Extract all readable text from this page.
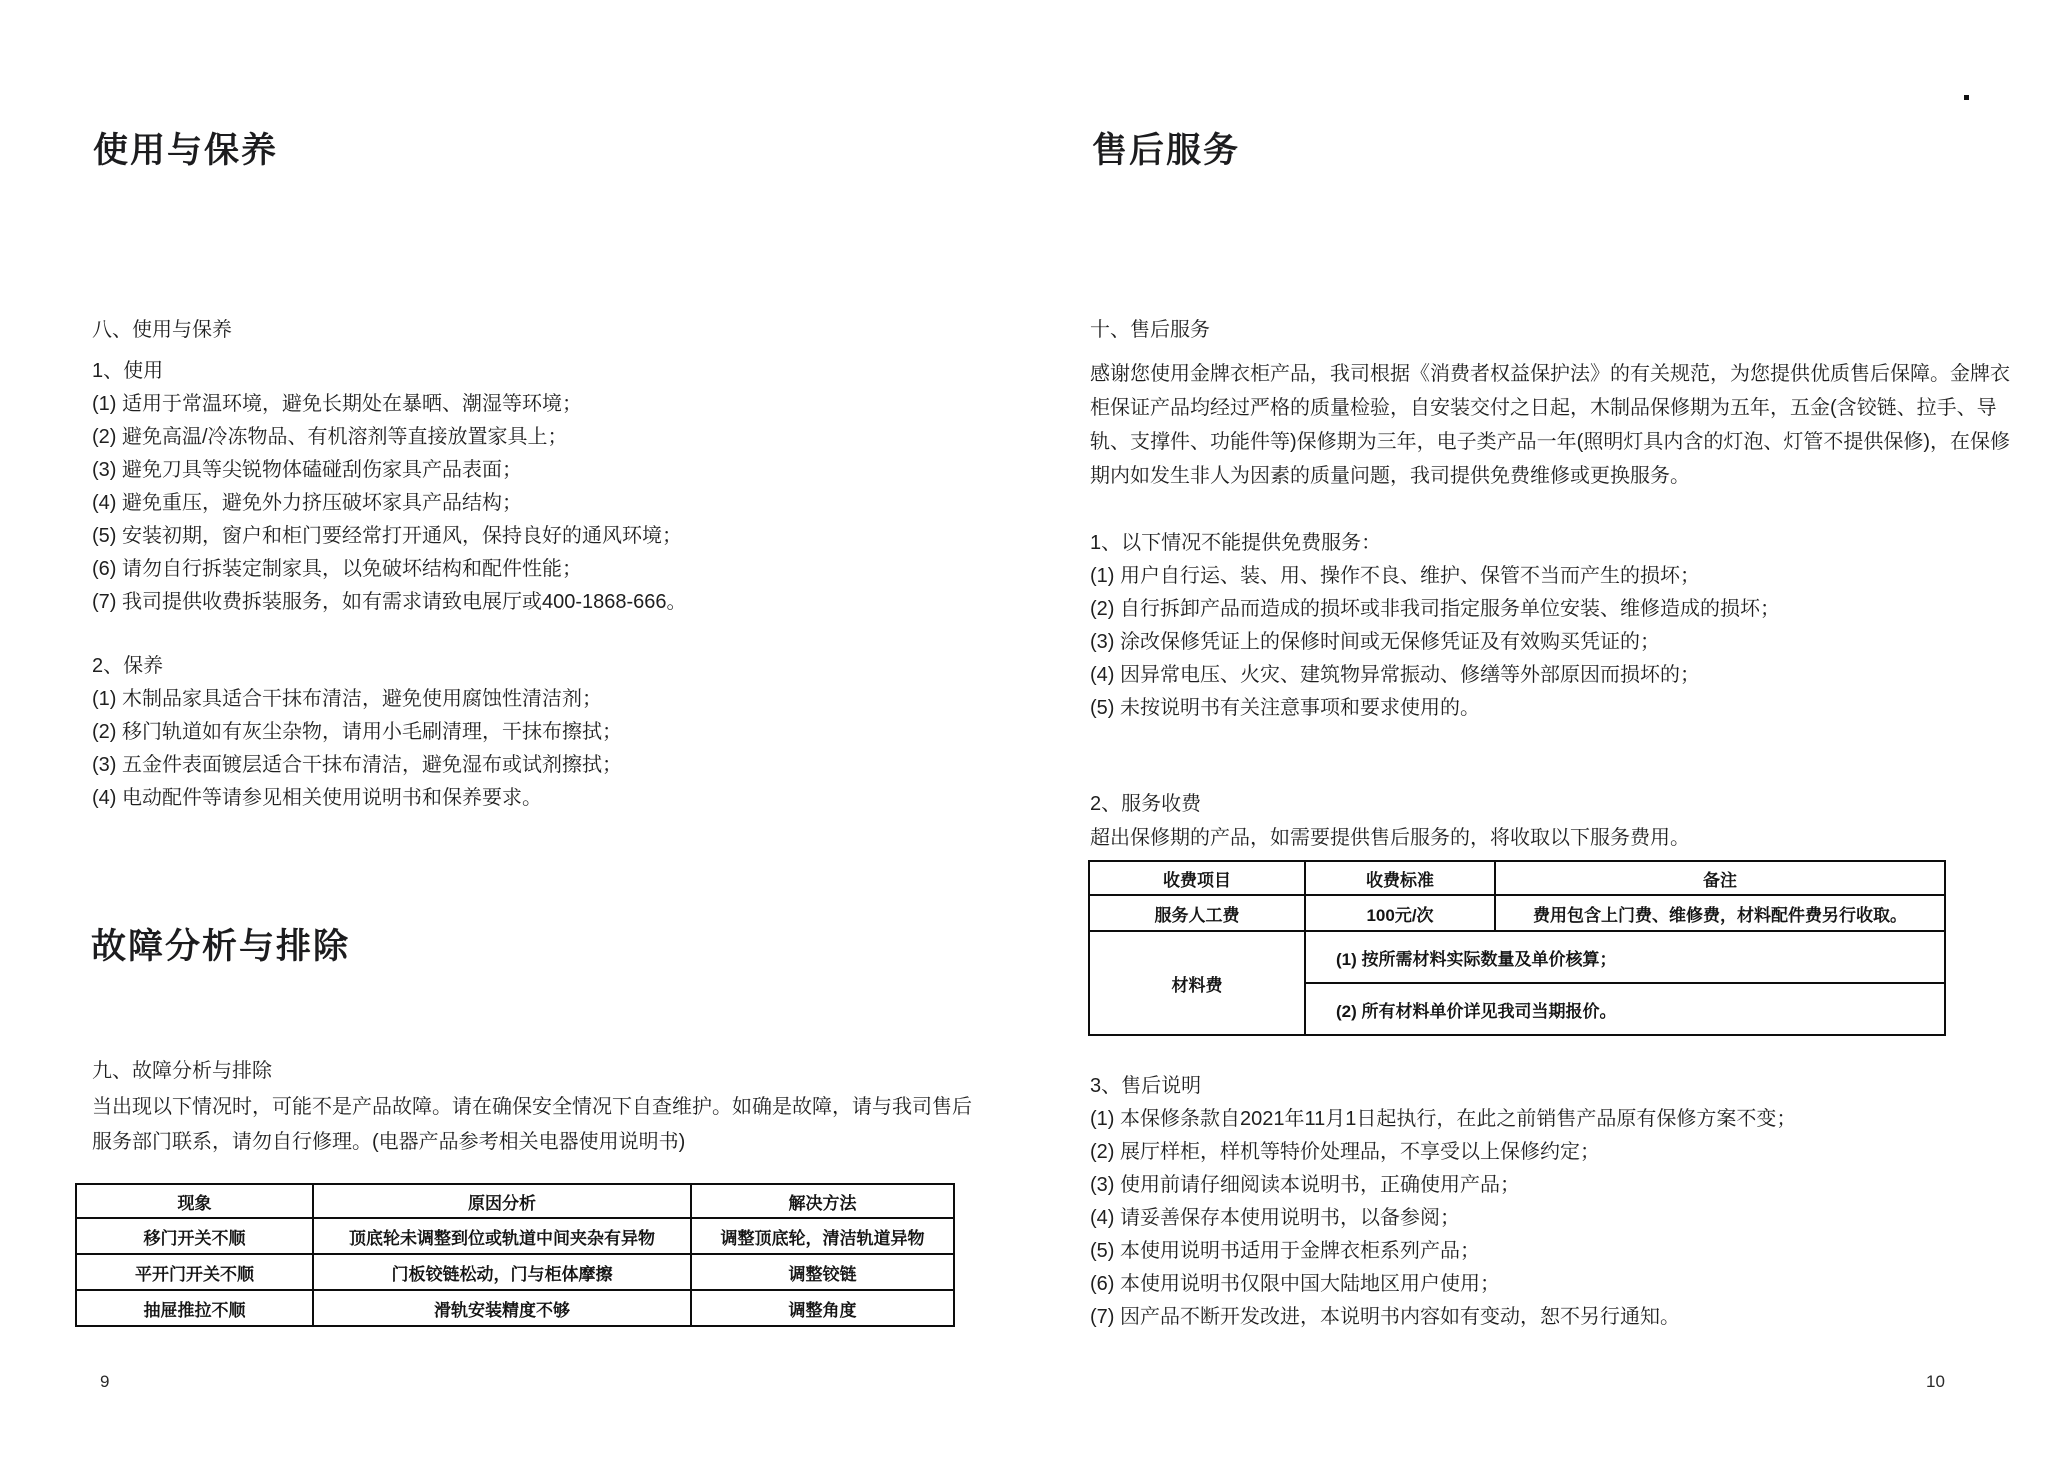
使用与保养
八、使用与保养

1、使用

(1) 适用于常温环境，避免长期处在暴晒、潮湿等环境；

(2) 避免高温/冷冻物品、有机溶剂等直接放置家具上；

(3) 避免刀具等尖锐物体磕碰刮伤家具产品表面；

(4) 避免重压，避免外力挤压破坏家具产品结构；

(5) 安装初期，窗户和柜门要经常打开通风，保持良好的通风环境；

(6) 请勿自行拆装定制家具，以免破坏结构和配件性能；

(7) 我司提供收费拆装服务，如有需求请致电展厅或400-1868-666。

2、保养

(1) 木制品家具适合干抹布清洁，避免使用腐蚀性清洁剂；

(2) 移门轨道如有灰尘杂物，请用小毛刷清理，干抹布擦拭；

(3) 五金件表面镀层适合干抹布清洁，避免湿布或试剂擦拭；

(4) 电动配件等请参见相关使用说明书和保养要求。

故障分析与排除
九、故障分析与排除

当出现以下情况时，可能不是产品故障。请在确保安全情况下自查维护。如确是故障，请与我司售后

服务部门联系，请勿自行修理。(电器产品参考相关电器使用说明书)

现象	原因分析	解决方法
移门开关不顺	顶底轮未调整到位或轨道中间夹杂有异物	调整顶底轮，清洁轨道异物
平开门开关不顺	门板铰链松动，门与柜体摩擦	调整铰链
抽屉推拉不顺	滑轨安装精度不够	调整角度
9
售后服务
十、售后服务

感谢您使用金牌衣柜产品，我司根据《消费者权益保护法》的有关规范，为您提供优质售后保障。金牌衣

柜保证产品均经过严格的质量检验，自安装交付之日起，木制品保修期为五年，五金(含铰链、拉手、导

轨、支撑件、功能件等)保修期为三年，电子类产品一年(照明灯具内含的灯泡、灯管不提供保修)，在保修

期内如发生非人为因素的质量问题，我司提供免费维修或更换服务。

1、以下情况不能提供免费服务：

(1) 用户自行运、装、用、操作不良、维护、保管不当而产生的损坏；

(2) 自行拆卸产品而造成的损坏或非我司指定服务单位安装、维修造成的损坏；

(3) 涂改保修凭证上的保修时间或无保修凭证及有效购买凭证的；

(4) 因异常电压、火灾、建筑物异常振动、修缮等外部原因而损坏的；

(5) 未按说明书有关注意事项和要求使用的。

2、服务收费
超出保修期的产品，如需要提供售后服务的，将收取以下服务费用。
收费项目	收费标准	备注
服务人工费	100元/次	费用包含上门费、维修费，材料配件费另行收取。
材料费	(1) 按所需材料实际数量及单价核算；	
	(2) 所有材料单价详见我司当期报价。	

3、售后说明

(1) 本保修条款自2021年11月1日起执行，在此之前销售产品原有保修方案不变；

(2) 展厅样柜，样机等特价处理品，不享受以上保修约定；

(3) 使用前请仔细阅读本说明书，正确使用产品；

(4) 请妥善保存本使用说明书，以备参阅；

(5) 本使用说明书适用于金牌衣柜系列产品；

(6) 本使用说明书仅限中国大陆地区用户使用；

(7) 因产品不断开发改进，本说明书内容如有变动，恕不另行通知。

10
